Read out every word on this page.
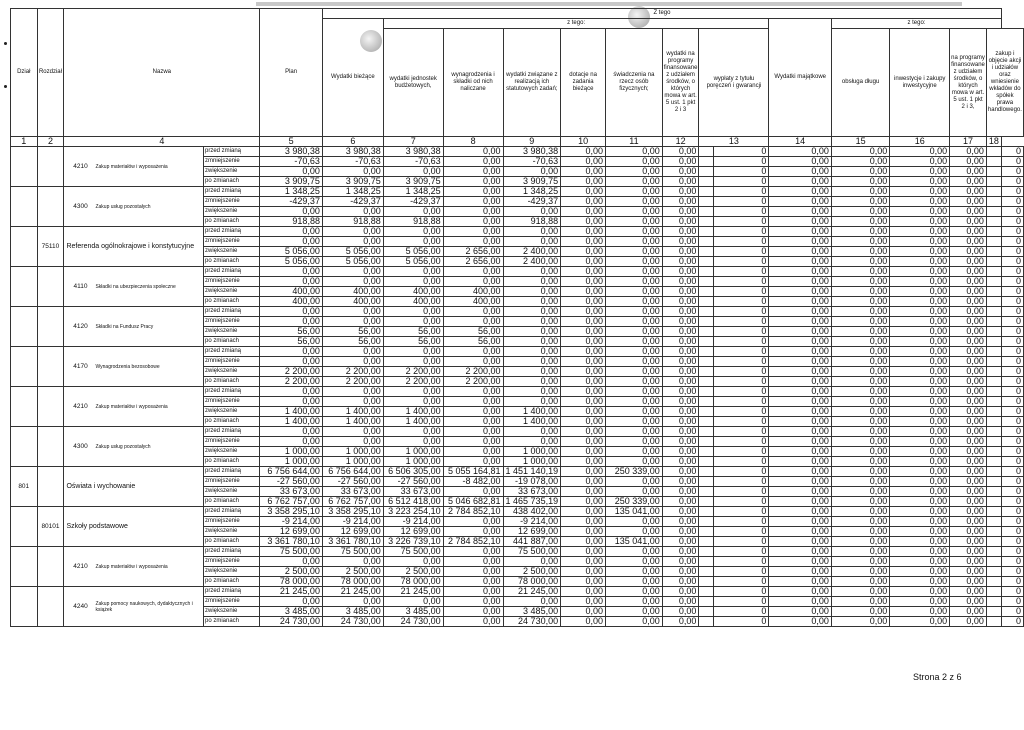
Dział	Rozdział	Nazwa		Plan	Z tego														
					Wydatki bieżące	z tego:								Wydatki majątkowe	z tego:				
						wydatki jednostek budżetowych,	wynagrodzenia i składki od nich naliczane	wydatki związane z realizacją ich statutowych zadań;	dotacje na zadania bieżące	świadczenia na rzecz osób fizycznych;	wydatki na programy finansowane z udziałem środków, o których mowa w art. 5 ust. 1 pkt 2 i 3	wypłaty z tytułu poręczeń i gwarancji			obsługa długu	inwestycje i zakupy inwestycyjne	na programy finansowane z udziałem środków, o których mowa w art. 5 ust. 1 pkt 2 i 3,	zakup i objęcie akcji i udziałów oraz wniesienie wkładów do spółek prawa handlowego.	
1	2	4		5	6	7	8	9	10	11	12	13		14	15	16	17	18	

		4210 Zakup materiałów i wyposażenia	przed zmianą	3 980,38	3 980,38	3 980,38	0,00	3 980,38	0,00	0,00	0,00		0	0,00	0,00	0,00	0,00		0
			zmniejszenie	-70,63	-70,63	-70,63	0,00	-70,63	0,00	0,00	0,00		0	0,00	0,00	0,00	0,00		0
			zwiększenie	0,00	0,00	0,00	0,00	0,00	0,00	0,00	0,00		0	0,00	0,00	0,00	0,00		0
			po zmianach	3 909,75	3 909,75	3 909,75	0,00	3 909,75	0,00	0,00	0,00		0	0,00	0,00	0,00	0,00		0

		4300 Zakup usług pozostałych	przed zmianą	1 348,25	1 348,25	1 348,25	0,00	1 348,25	0,00	0,00	0,00		0	0,00	0,00	0,00	0,00		0
			zmniejszenie	-429,37	-429,37	-429,37	0,00	-429,37	0,00	0,00	0,00		0	0,00	0,00	0,00	0,00		0
			zwiększenie	0,00	0,00	0,00	0,00	0,00	0,00	0,00	0,00		0	0,00	0,00	0,00	0,00		0
			po zmianach	918,88	918,88	918,88	0,00	918,88	0,00	0,00	0,00		0	0,00	0,00	0,00	0,00		0
	75110	Referenda ogólnokrajowe i konstytucyjne	przed zmianą	0,00	0,00	0,00	0,00	0,00	0,00	0,00	0,00		0	0,00	0,00	0,00	0,00		0
			zmniejszenie	0,00	0,00	0,00	0,00	0,00	0,00	0,00	0,00		0	0,00	0,00	0,00	0,00		0
			zwiększenie	5 056,00	5 056,00	5 056,00	2 656,00	2 400,00	0,00	0,00	0,00		0	0,00	0,00	0,00	0,00		0
			po zmianach	5 056,00	5 056,00	5 056,00	2 656,00	2 400,00	0,00	0,00	0,00		0	0,00	0,00	0,00	0,00		0

		4110 Składki na ubezpieczenia społeczne	przed zmianą	0,00	0,00	0,00	0,00	0,00	0,00	0,00	0,00		0	0,00	0,00	0,00	0,00		0
			zmniejszenie	0,00	0,00	0,00	0,00	0,00	0,00	0,00	0,00		0	0,00	0,00	0,00	0,00		0
			zwiększenie	400,00	400,00	400,00	400,00	0,00	0,00	0,00	0,00		0	0,00	0,00	0,00	0,00		0
			po zmianach	400,00	400,00	400,00	400,00	0,00	0,00	0,00	0,00		0	0,00	0,00	0,00	0,00		0

		4120 Składki na Fundusz Pracy	przed zmianą	0,00	0,00	0,00	0,00	0,00	0,00	0,00	0,00		0	0,00	0,00	0,00	0,00		0
			zmniejszenie	0,00	0,00	0,00	0,00	0,00	0,00	0,00	0,00		0	0,00	0,00	0,00	0,00		0
			zwiększenie	56,00	56,00	56,00	56,00	0,00	0,00	0,00	0,00		0	0,00	0,00	0,00	0,00		0
			po zmianach	56,00	56,00	56,00	56,00	0,00	0,00	0,00	0,00		0	0,00	0,00	0,00	0,00		0

		4170 Wynagrodzenia bezosobowe	przed zmianą	0,00	0,00	0,00	0,00	0,00	0,00	0,00	0,00		0	0,00	0,00	0,00	0,00		0
			zmniejszenie	0,00	0,00	0,00	0,00	0,00	0,00	0,00	0,00		0	0,00	0,00	0,00	0,00		0
			zwiększenie	2 200,00	2 200,00	2 200,00	2 200,00	0,00	0,00	0,00	0,00		0	0,00	0,00	0,00	0,00		0
			po zmianach	2 200,00	2 200,00	2 200,00	2 200,00	0,00	0,00	0,00	0,00		0	0,00	0,00	0,00	0,00		0

		4210 Zakup materiałów i wyposażenia	przed zmianą	0,00	0,00	0,00	0,00	0,00	0,00	0,00	0,00		0	0,00	0,00	0,00	0,00		0
			zmniejszenie	0,00	0,00	0,00	0,00	0,00	0,00	0,00	0,00		0	0,00	0,00	0,00	0,00		0
			zwiększenie	1 400,00	1 400,00	1 400,00	0,00	1 400,00	0,00	0,00	0,00		0	0,00	0,00	0,00	0,00		0
			po zmianach	1 400,00	1 400,00	1 400,00	0,00	1 400,00	0,00	0,00	0,00		0	0,00	0,00	0,00	0,00		0

		4300 Zakup usług pozostałych	przed zmianą	0,00	0,00	0,00	0,00	0,00	0,00	0,00	0,00		0	0,00	0,00	0,00	0,00		0
			zmniejszenie	0,00	0,00	0,00	0,00	0,00	0,00	0,00	0,00		0	0,00	0,00	0,00	0,00		0
			zwiększenie	1 000,00	1 000,00	1 000,00	0,00	1 000,00	0,00	0,00	0,00		0	0,00	0,00	0,00	0,00		0
			po zmianach	1 000,00	1 000,00	1 000,00	0,00	1 000,00	0,00	0,00	0,00		0	0,00	0,00	0,00	0,00		0
801		Oświata i wychowanie	przed zmianą	6 756 644,00	6 756 644,00	6 506 305,00	5 055 164,81	1 451 140,19	0,00	250 339,00	0,00		0	0,00	0,00	0,00	0,00		0
			zmniejszenie	-27 560,00	-27 560,00	-27 560,00	-8 482,00	-19 078,00	0,00	0,00	0,00		0	0,00	0,00	0,00	0,00		0
			zwiększenie	33 673,00	33 673,00	33 673,00	0,00	33 673,00	0,00	0,00	0,00		0	0,00	0,00	0,00	0,00		0
			po zmianach	6 762 757,00	6 762 757,00	6 512 418,00	5 046 682,81	1 465 735,19	0,00	250 339,00	0,00		0	0,00	0,00	0,00	0,00		0
	80101	Szkoły podstawowe	przed zmianą	3 358 295,10	3 358 295,10	3 223 254,10	2 784 852,10	438 402,00	0,00	135 041,00	0,00		0	0,00	0,00	0,00	0,00		0
			zmniejszenie	-9 214,00	-9 214,00	-9 214,00	0,00	-9 214,00	0,00	0,00	0,00		0	0,00	0,00	0,00	0,00		0
			zwiększenie	12 699,00	12 699,00	12 699,00	0,00	12 699,00	0,00	0,00	0,00		0	0,00	0,00	0,00	0,00		0
			po zmianach	3 361 780,10	3 361 780,10	3 226 739,10	2 784 852,10	441 887,00	0,00	135 041,00	0,00		0	0,00	0,00	0,00	0,00		0

		4210 Zakup materiałów i wyposażenia	przed zmianą	75 500,00	75 500,00	75 500,00	0,00	75 500,00	0,00	0,00	0,00		0	0,00	0,00	0,00	0,00		0
			zmniejszenie	0,00	0,00	0,00	0,00	0,00	0,00	0,00	0,00		0	0,00	0,00	0,00	0,00		0
			zwiększenie	2 500,00	2 500,00	2 500,00	0,00	2 500,00	0,00	0,00	0,00		0	0,00	0,00	0,00	0,00		0
			po zmianach	78 000,00	78 000,00	78 000,00	0,00	78 000,00	0,00	0,00	0,00		0	0,00	0,00	0,00	0,00		0

		4240 Zakup pomocy naukowych, dydaktycznych i książek	przed zmianą	21 245,00	21 245,00	21 245,00	0,00	21 245,00	0,00	0,00	0,00		0	0,00	0,00	0,00	0,00		0
			zmniejszenie	0,00	0,00	0,00	0,00	0,00	0,00	0,00	0,00		0	0,00	0,00	0,00	0,00		0
			zwiększenie	3 485,00	3 485,00	3 485,00	0,00	3 485,00	0,00	0,00	0,00		0	0,00	0,00	0,00	0,00		0
			po zmianach	24 730,00	24 730,00	24 730,00	0,00	24 730,00	0,00	0,00	0,00		0	0,00	0,00	0,00	0,00		0
Strona 2 z 6
